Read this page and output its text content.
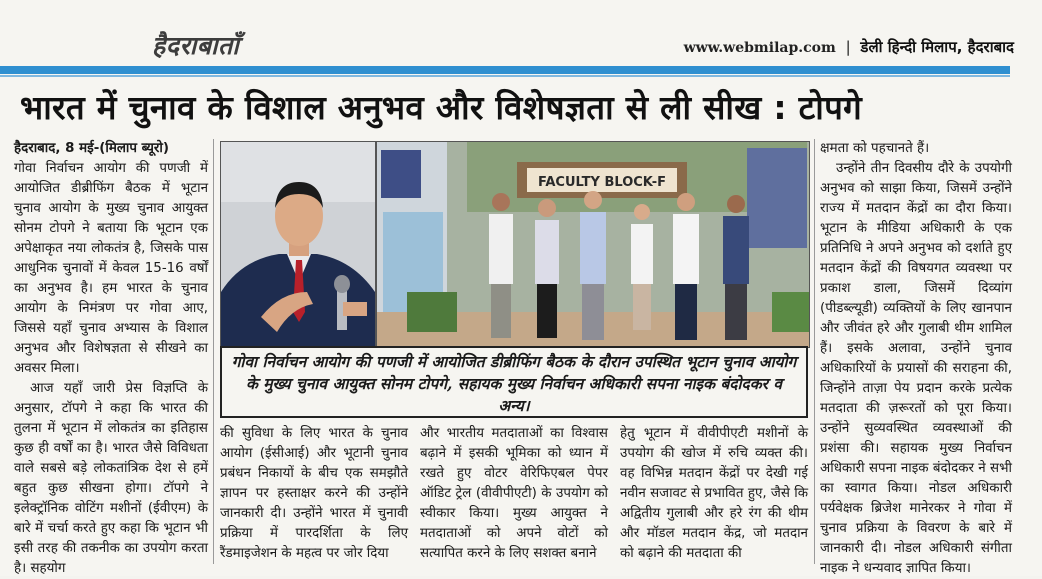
हैदराबातॉं	www.webmilap.com | डेली हिन्दी मिलाप, हैदराबाद
भारत में चुनाव के विशाल अनुभव और विशेषज्ञता से ली सीख : टोपगे

हैदराबाद, 8 मई-(मिलाप ब्यूरो)

गोवा निर्वाचन आयोग की पणजी में आयोजित डीब्रीफिंग बैठक में भूटान चुनाव आयोग के मुख्य चुनाव आयुक्त सोनम टोपगे ने बताया कि भूटान एक अपेक्षाकृत नया लोकतंत्र है, जिसके पास आधुनिक चुनावों में केवल 15-16 वर्षों का अनुभव है। हम भारत के चुनाव आयोग के निमंत्रण पर गोवा आए, जिससे यहाँ चुनाव अभ्यास के विशाल अनुभव और विशेषज्ञता से सीखने का अवसर मिला।

आज यहाँ जारी प्रेस विज्ञप्ति के अनुसार, टॉपगे ने कहा कि भारत की तुलना में भूटान में लोकतंत्र का इतिहास कुछ ही वर्षों का है। भारत जैसे विविधता वाले सबसे बड़े लोकतांत्रिक देश से हमें बहुत कुछ सीखना होगा। टॉपगे ने इलेक्ट्रॉनिक वोटिंग मशीनों (ईवीएम) के बारे में चर्चा करते हुए कहा कि भूटान भी इसी तरह की तकनीक का उपयोग करता है। सहयोग

FACULTY BLOCK-F
गोवा निर्वाचन आयोग की पणजी में आयोजित डीब्रीफिंग बैठक के दौरान उपस्थित भूटान चुनाव आयोग के मुख्य चुनाव आयुक्त सोनम टोपगे, सहायक मुख्य निर्वाचन अधिकारी सपना नाइक बंदोदकर व अन्य।

की सुविधा के लिए भारत के चुनाव आयोग (ईसीआई) और भूटानी चुनाव प्रबंधन निकायों के बीच एक समझौते ज्ञापन पर हस्ताक्षर करने की उन्होंने जानकारी दी। उन्होंने भारत में चुनावी प्रक्रिया में पारदर्शिता के लिए रैंडमाइजेशन के महत्व पर जोर दिया

और भारतीय मतदाताओं का विश्वास बढ़ाने में इसकी भूमिका को ध्यान में रखते हुए वोटर वेरिफिएबल पेपर ऑडिट ट्रेल (वीवीपीएटी) के उपयोग को स्वीकार किया। मुख्य आयुक्त ने मतदाताओं को अपने वोटों को सत्यापित करने के लिए सशक्त बनाने

हेतु भूटान में वीवीपीएटी मशीनों के उपयोग की खोज में रुचि व्यक्त की। वह विभिन्न मतदान केंद्रों पर देखी गई नवीन सजावट से प्रभावित हुए, जैसे कि अद्वितीय गुलाबी और हरे रंग की थीम और मॉडल मतदान केंद्र, जो मतदान को बढ़ाने की मतदाता की

क्षमता को पहचानते हैं।

उन्होंने तीन दिवसीय दौरे के उपयोगी अनुभव को साझा किया, जिसमें उन्होंने राज्य में मतदान केंद्रों का दौरा किया। भूटान के मीडिया अधिकारी के एक प्रतिनिधि ने अपने अनुभव को दर्शाते हुए मतदान केंद्रों की विषयगत व्यवस्था पर प्रकाश डाला, जिसमें दिव्यांग (पीडब्ल्यूडी) व्यक्तियों के लिए खानपान और जीवंत हरे और गुलाबी थीम शामिल हैं। इसके अलावा, उन्होंने चुनाव अधिकारियों के प्रयासों की सराहना की, जिन्होंने ताज़ा पेय प्रदान करके प्रत्येक मतदाता की ज़रूरतों को पूरा किया। उन्होंने सुव्यवस्थित व्यवस्थाओं की प्रशंसा की। सहायक मुख्य निर्वाचन अधिकारी सपना नाइक बंदोदकर ने सभी का स्वागत किया। नोडल अधिकारी पर्यवेक्षक ब्रिजेश मानेरकर ने गोवा में चुनाव प्रक्रिया के विवरण के बारे में जानकारी दी। नोडल अधिकारी संगीता नाइक ने धन्यवाद ज्ञापित किया।
